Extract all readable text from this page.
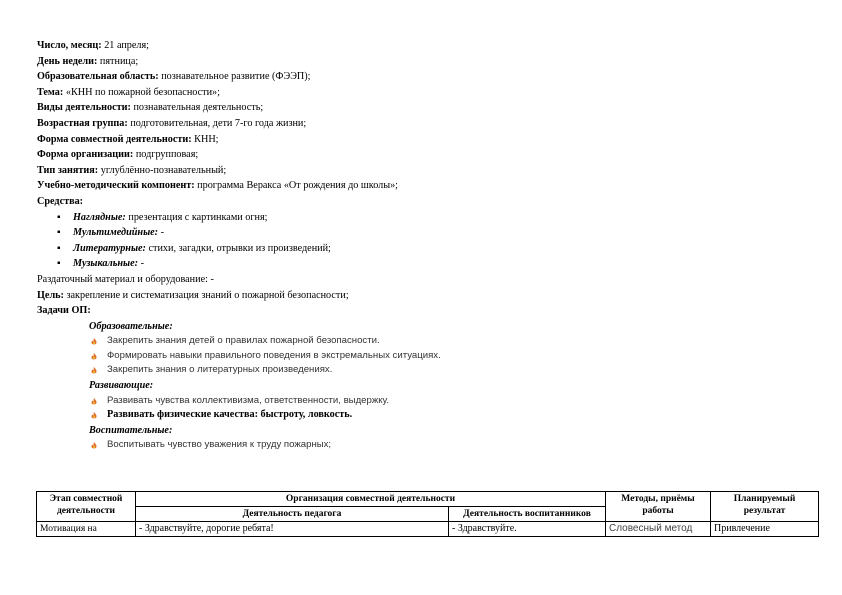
Число, месяц: 21 апреля;
День недели: пятница;
Образовательная область: познавательное развитие (ФЭЭП);
Тема: «КНН по пожарной безопасности»;
Виды деятельности: познавательная деятельность;
Возрастная группа: подготовительная, дети 7-го года жизни;
Форма совместной деятельности: КНН;
Форма организации: подгрупповая;
Тип занятия: углублённо-познавательный;
Учебно-методический компонент: программа Веракса «От рождения до школы»;
Средства:
▪ Наглядные: презентация с картинками огня;
▪ Мультимедийные: -
▪ Литературные: стихи, загадки, отрывки из произведений;
▪ Музыкальные: -
Раздаточный материал и оборудование: -
Цель: закрепление и систематизация знаний о пожарной безопасности;
Задачи ОП:
Образовательные:
Закрепить знания детей о правилах пожарной безопасности.
Формировать навыки правильного поведения в экстремальных ситуациях.
Закрепить знания о литературных произведениях.
Развивающие:
Развивать чувства коллективизма, ответственности, выдержку.
Развивать физические качества: быстроту, ловкость.
Воспитательные:
Воспитывать чувство уважения к труду пожарных;
Этап совместной деятельности	Организация совместной деятельности		Методы, приёмы работы	Планируемый результат
	Деятельность педагога	Деятельность воспитанников		
Мотивация на	- Здравствуйте, дорогие ребята!	- Здравствуйте.	Словесный метод	Привлечение
